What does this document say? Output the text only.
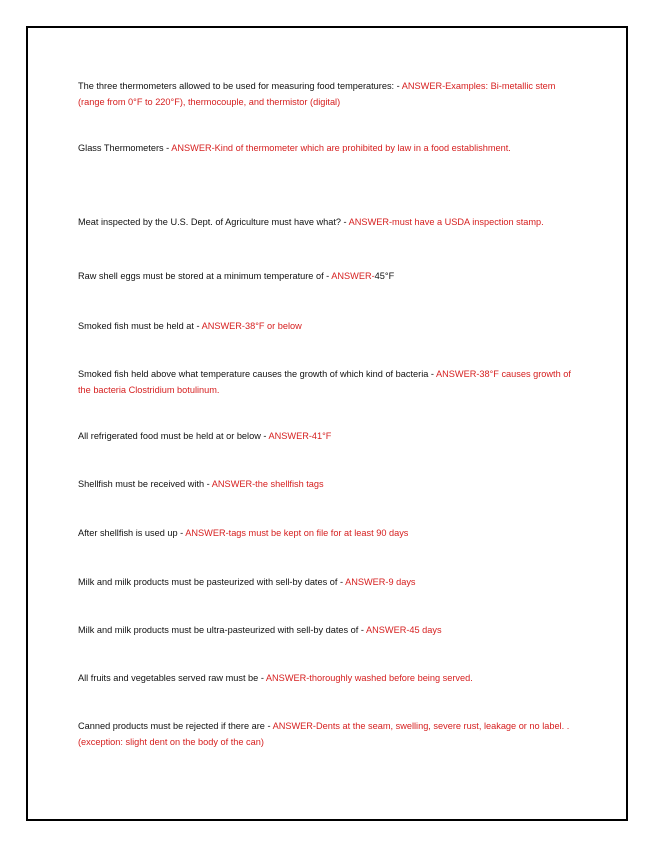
The three thermometers allowed to be used for measuring food temperatures: - ANSWER-Examples: Bi-metallic stem (range from 0°F to 220°F), thermocouple, and thermistor (digital)
Glass Thermometers - ANSWER-Kind of thermometer which are prohibited by law in a food establishment.
Meat inspected by the U.S. Dept. of Agriculture must have what? - ANSWER-must have a USDA inspection stamp.
Raw shell eggs must be stored at a minimum temperature of - ANSWER-45°F
Smoked fish must be held at - ANSWER-38°F or below
Smoked fish held above what temperature causes the growth of which kind of bacteria - ANSWER-38°F causes growth of the bacteria Clostridium botulinum.
All refrigerated food must be held at or below - ANSWER-41°F
Shellfish must be received with - ANSWER-the shellfish tags
After shellfish is used up - ANSWER-tags must be kept on file for at least 90 days
Milk and milk products must be pasteurized with sell-by dates of - ANSWER-9 days
Milk and milk products must be ultra-pasteurized with sell-by dates of - ANSWER-45 days
All fruits and vegetables served raw must be - ANSWER-thoroughly washed before being served.
Canned products must be rejected if there are - ANSWER-Dents at the seam, swelling, severe rust, leakage or no label. . (exception: slight dent on the body of the can)
